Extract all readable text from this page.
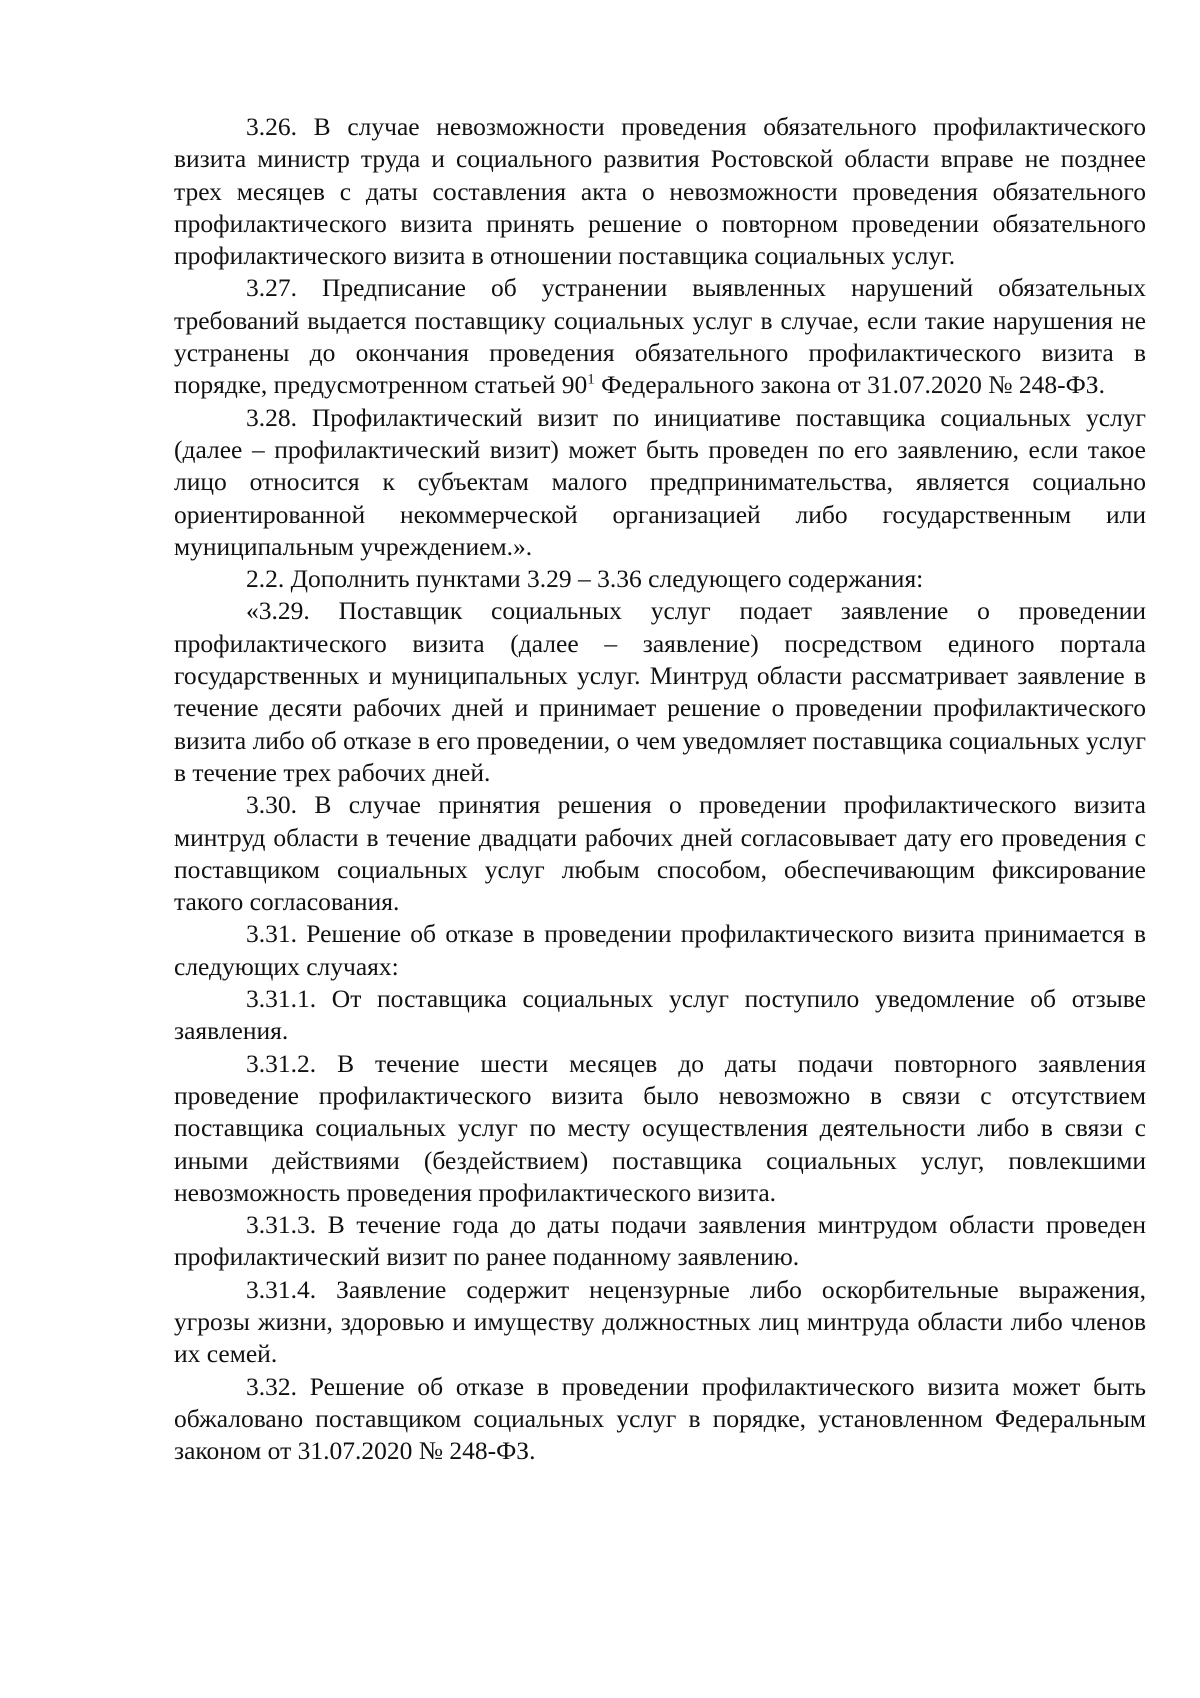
3.26. В случае невозможности проведения обязательного профилактического визита министр труда и социального развития Ростовской области вправе не позднее трех месяцев с даты составления акта о невозможности проведения обязательного профилактического визита принять решение о повторном проведении обязательного профилактического визита в отношении поставщика социальных услуг.

3.27. Предписание об устранении выявленных нарушений обязательных требований выдается поставщику социальных услуг в случае, если такие нарушения не устранены до окончания проведения обязательного профилактического визита в порядке, предусмотренном статьей $90^1$ Федерального закона от 31.07.2020 № 248-ФЗ.

3.28. Профилактический визит по инициативе поставщика социальных услуг (далее – профилактический визит) может быть проведен по его заявлению, если такое лицо относится к субъектам малого предпринимательства, является социально ориентированной некоммерческой организацией либо государственным или муниципальным учреждением.».

2.2. Дополнить пунктами 3.29 – 3.36 следующего содержания:

«3.29. Поставщик социальных услуг подает заявление о проведении профилактического визита (далее – заявление) посредством единого портала государственных и муниципальных услуг. Минтруд области рассматривает заявление в течение десяти рабочих дней и принимает решение о проведении профилактического визита либо об отказе в его проведении, о чем уведомляет поставщика социальных услуг в течение трех рабочих дней.

3.30. В случае принятия решения о проведении профилактического визита минтруд области в течение двадцати рабочих дней согласовывает дату его проведения с поставщиком социальных услуг любым способом, обеспечивающим фиксирование такого согласования.

3.31. Решение об отказе в проведении профилактического визита принимается в следующих случаях:

3.31.1. От поставщика социальных услуг поступило уведомление об отзыве заявления.

3.31.2. В течение шести месяцев до даты подачи повторного заявления проведение профилактического визита было невозможно в связи с отсутствием поставщика социальных услуг по месту осуществления деятельности либо в связи с иными действиями (бездействием) поставщика социальных услуг, повлекшими невозможность проведения профилактического визита.

3.31.3. В течение года до даты подачи заявления минтрудом области проведен профилактический визит по ранее поданному заявлению.

3.31.4. Заявление содержит нецензурные либо оскорбительные выражения, угрозы жизни, здоровью и имуществу должностных лиц минтруда области либо членов их семей.

3.32. Решение об отказе в проведении профилактического визита может быть обжаловано поставщиком социальных услуг в порядке, установленном Федеральным законом от 31.07.2020 № 248-ФЗ.
